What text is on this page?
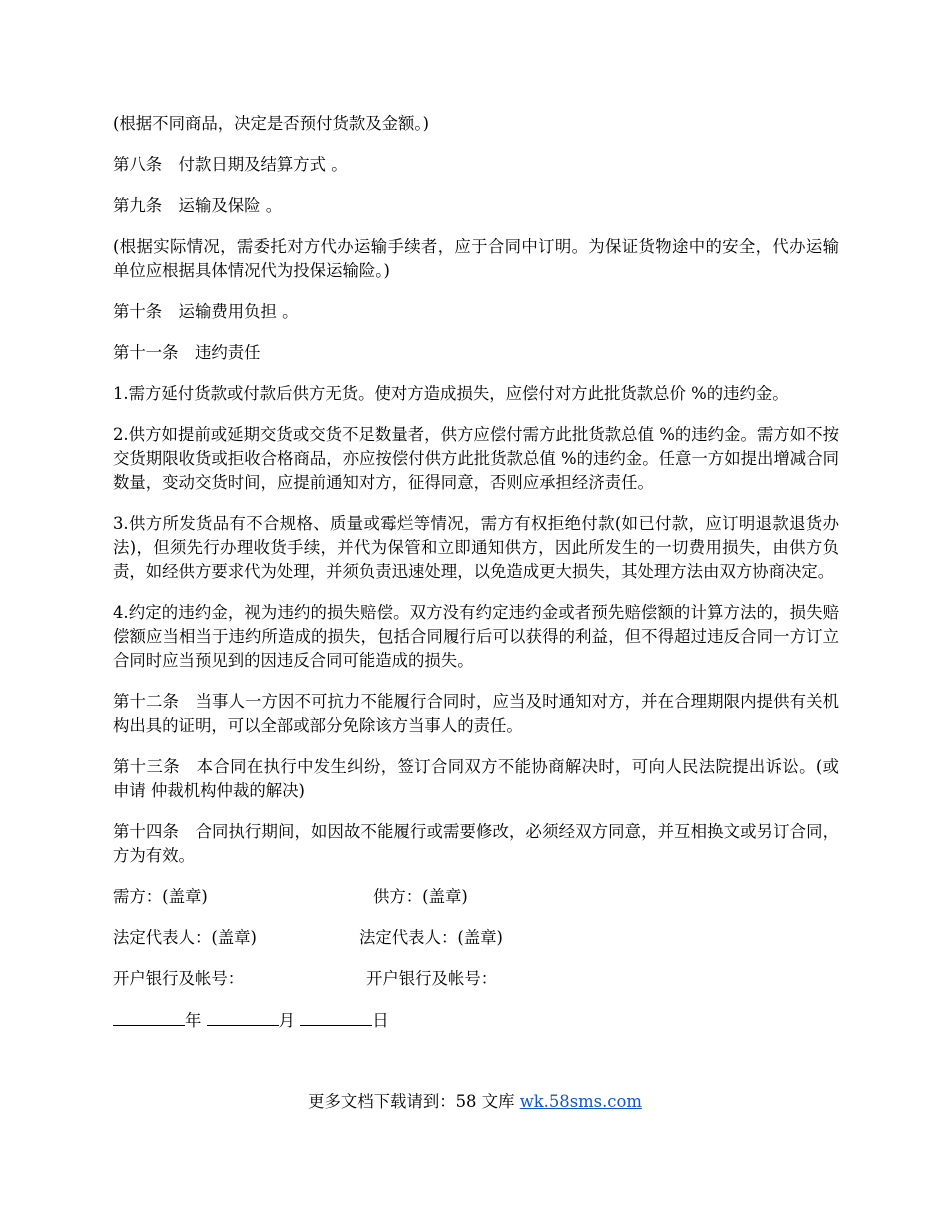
(根据不同商品，决定是否预付货款及金额。)

第八条　付款日期及结算方式 。

第九条　运输及保险 。

(根据实际情况，需委托对方代办运输手续者，应于合同中订明。为保证货物途中的安全，代办运输单位应根据具体情况代为投保运输险。)

第十条　运输费用负担 。

第十一条　违约责任

1.需方延付货款或付款后供方无货。使对方造成损失，应偿付对方此批货款总价 %的违约金。

2.供方如提前或延期交货或交货不足数量者，供方应偿付需方此批货款总值 %的违约金。需方如不按交货期限收货或拒收合格商品，亦应按偿付供方此批货款总值 %的违约金。任意一方如提出增减合同数量，变动交货时间，应提前通知对方，征得同意，否则应承担经济责任。

3.供方所发货品有不合规格、质量或霉烂等情况，需方有权拒绝付款(如已付款，应订明退款退货办法)，但须先行办理收货手续，并代为保管和立即通知供方，因此所发生的一切费用损失，由供方负责，如经供方要求代为处理，并须负责迅速处理，以免造成更大损失，其处理方法由双方协商决定。

4.约定的违约金，视为违约的损失赔偿。双方没有约定违约金或者预先赔偿额的计算方法的，损失赔偿额应当相当于违约所造成的损失，包括合同履行后可以获得的利益，但不得超过违反合同一方订立合同时应当预见到的因违反合同可能造成的损失。

第十二条　当事人一方因不可抗力不能履行合同时，应当及时通知对方，并在合理期限内提供有关机构出具的证明，可以全部或部分免除该方当事人的责任。

第十三条　本合同在执行中发生纠纷，签订合同双方不能协商解决时，可向人民法院提出诉讼。(或申请 仲裁机构仲裁的解决)

第十四条　合同执行期间，如因故不能履行或需要修改，必须经双方同意，并互相换文或另订合同，方为有效。

需方：(盖章)	供方：(盖章)
法定代表人：(盖章)	法定代表人：(盖章)
开户银行及帐号：	开户银行及帐号：
年	月	日
更多文档下载请到：58 文库 wk.58sms.com
